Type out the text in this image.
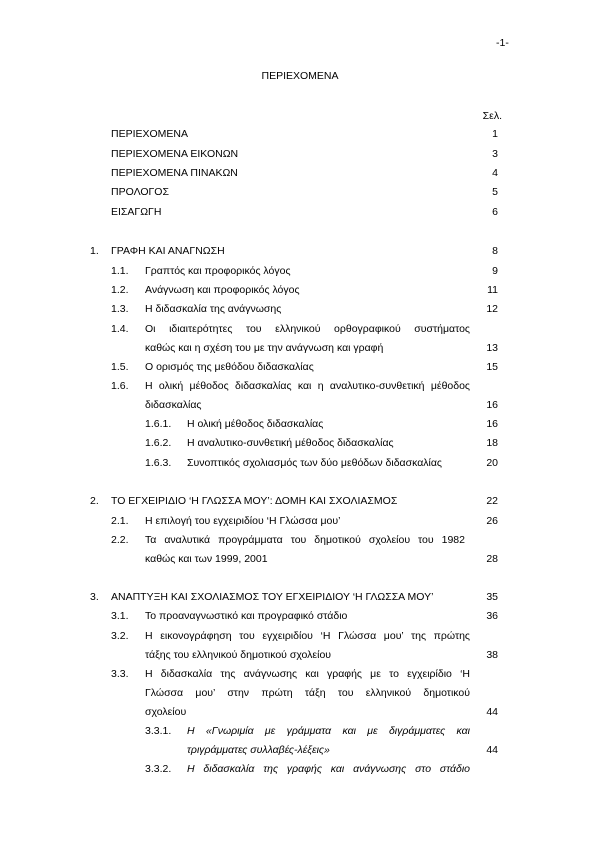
-1-
ΠΕΡΙΕΧΟΜΕΝΑ
Σελ.
ΠΕΡΙΕΧΟΜΕΝΑ	1
ΠΕΡΙΕΧΟΜΕΝΑ ΕΙΚΟΝΩΝ	3
ΠΕΡΙΕΧΟΜΕΝΑ ΠΙΝΑΚΩΝ	4
ΠΡΟΛΟΓΟΣ	5
ΕΙΣΑΓΩΓΗ	6
1. ΓΡΑΦΗ ΚΑΙ ΑΝΑΓΝΩΣΗ	8
1.1. Γραπτός και προφορικός λόγος	9
1.2. Ανάγνωση και προφορικός λόγος	11
1.3. Η διδασκαλία της ανάγνωσης	12
1.4. Οι ιδιαιτερότητες του ελληνικού ορθογραφικού συστήματος
καθώς και η σχέση του με την ανάγνωση και γραφή	13
1.5. Ο ορισμός της μεθόδου διδασκαλίας	15
1.6. Η ολική μέθοδος διδασκαλίας και η αναλυτικο-συνθετική μέθοδος
διδασκαλίας	16
1.6.1. Η ολική μέθοδος διδασκαλίας	16
1.6.2. Η αναλυτικο-συνθετική μέθοδος διδασκαλίας	18
1.6.3. Συνοπτικός σχολιασμός των δύο μεθόδων διδασκαλίας	20
2. ΤΟ ΕΓΧΕΙΡΙΔΙΟ ‘Η ΓΛΩΣΣΑ ΜΟΥ’: ΔΟΜΗ ΚΑΙ ΣΧΟΛΙΑΣΜΟΣ	22
2.1. Η επιλογή του εγχειριδίου ‘Η Γλώσσα μου’	26
2.2. Τα αναλυτικά προγράμματα του δημοτικού σχολείου του 1982
καθώς και των 1999, 2001	28
3. ΑΝΑΠΤΥΞΗ ΚΑΙ ΣΧΟΛΙΑΣΜΟΣ ΤΟΥ ΕΓΧΕΙΡΙΔΙΟΥ ‘Η ΓΛΩΣΣΑ ΜΟΥ’	35
3.1. Το προαναγνωστικό και προγραφικό στάδιο	36
3.2. Η εικονογράφηση του εγχειριδίου ‘Η Γλώσσα μου’ της πρώτης
τάξης του ελληνικού δημοτικού σχολείου	38
3.3. Η διδασκαλία της ανάγνωσης και γραφής με το εγχειρίδιο ‘Η
Γλώσσα μου’ στην πρώτη τάξη του ελληνικού δημοτικού
σχολείου	44
3.3.1. Η «Γνωριμία με γράμματα και με διγράμματες και
τριγράμματες συλλαβές-λέξεις»	44
3.3.2. Η διδασκαλία της γραφής και ανάγνωσης στο στάδιο
